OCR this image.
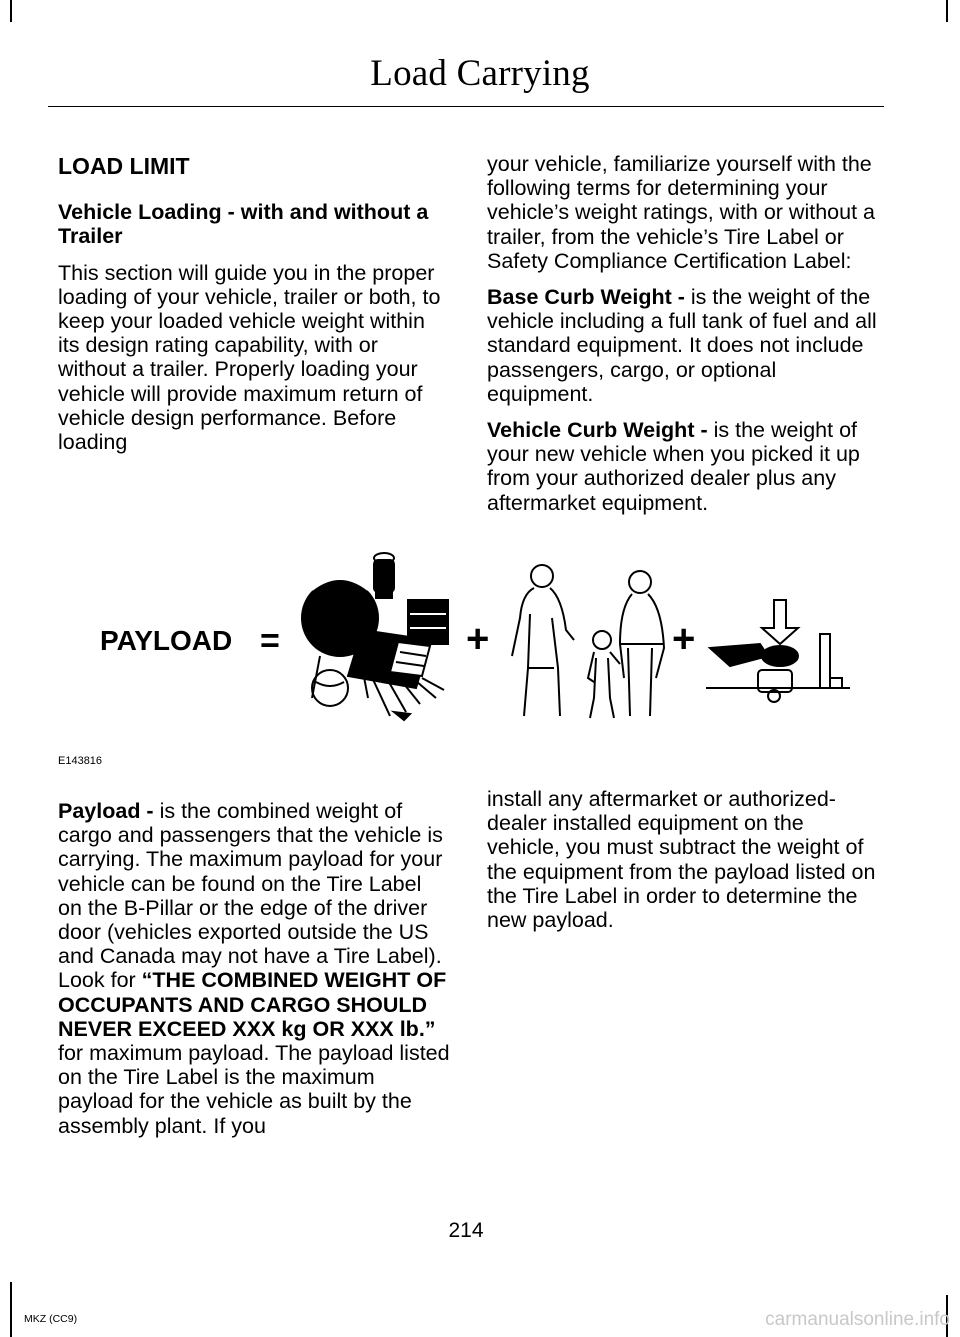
Load Carrying

LOAD LIMIT

Vehicle Loading - with and without a Trailer

This section will guide you in the proper loading of your vehicle, trailer or both, to keep your loaded vehicle weight within its design rating capability, with or without a trailer. Properly loading your vehicle will provide maximum return of vehicle design performance. Before loading

your vehicle, familiarize yourself with the following terms for determining your vehicle’s weight ratings, with or without a trailer, from the vehicle’s Tire Label or Safety Compliance Certification Label:

Base Curb Weight - is the weight of the vehicle including a full tank of fuel and all standard equipment. It does not include passengers, cargo, or optional equipment.

Vehicle Curb Weight - is the weight of your new vehicle when you picked it up from your authorized dealer plus any aftermarket equipment.

PAYLOAD =	+	+
E143816

Payload - is the combined weight of cargo and passengers that the vehicle is carrying. The maximum payload for your vehicle can be found on the Tire Label on the B-Pillar or the edge of the driver door (vehicles exported outside the US and Canada may not have a Tire Label). Look for “THE COMBINED WEIGHT OF OCCUPANTS AND CARGO SHOULD NEVER EXCEED XXX kg OR XXX lb.” for maximum payload. The payload listed on the Tire Label is the maximum payload for the vehicle as built by the assembly plant. If you

install any aftermarket or authorized-dealer installed equipment on the vehicle, you must subtract the weight of the equipment from the payload listed on the Tire Label in order to determine the new payload.

214
MKZ (CC9)	carmanualsonline.info
